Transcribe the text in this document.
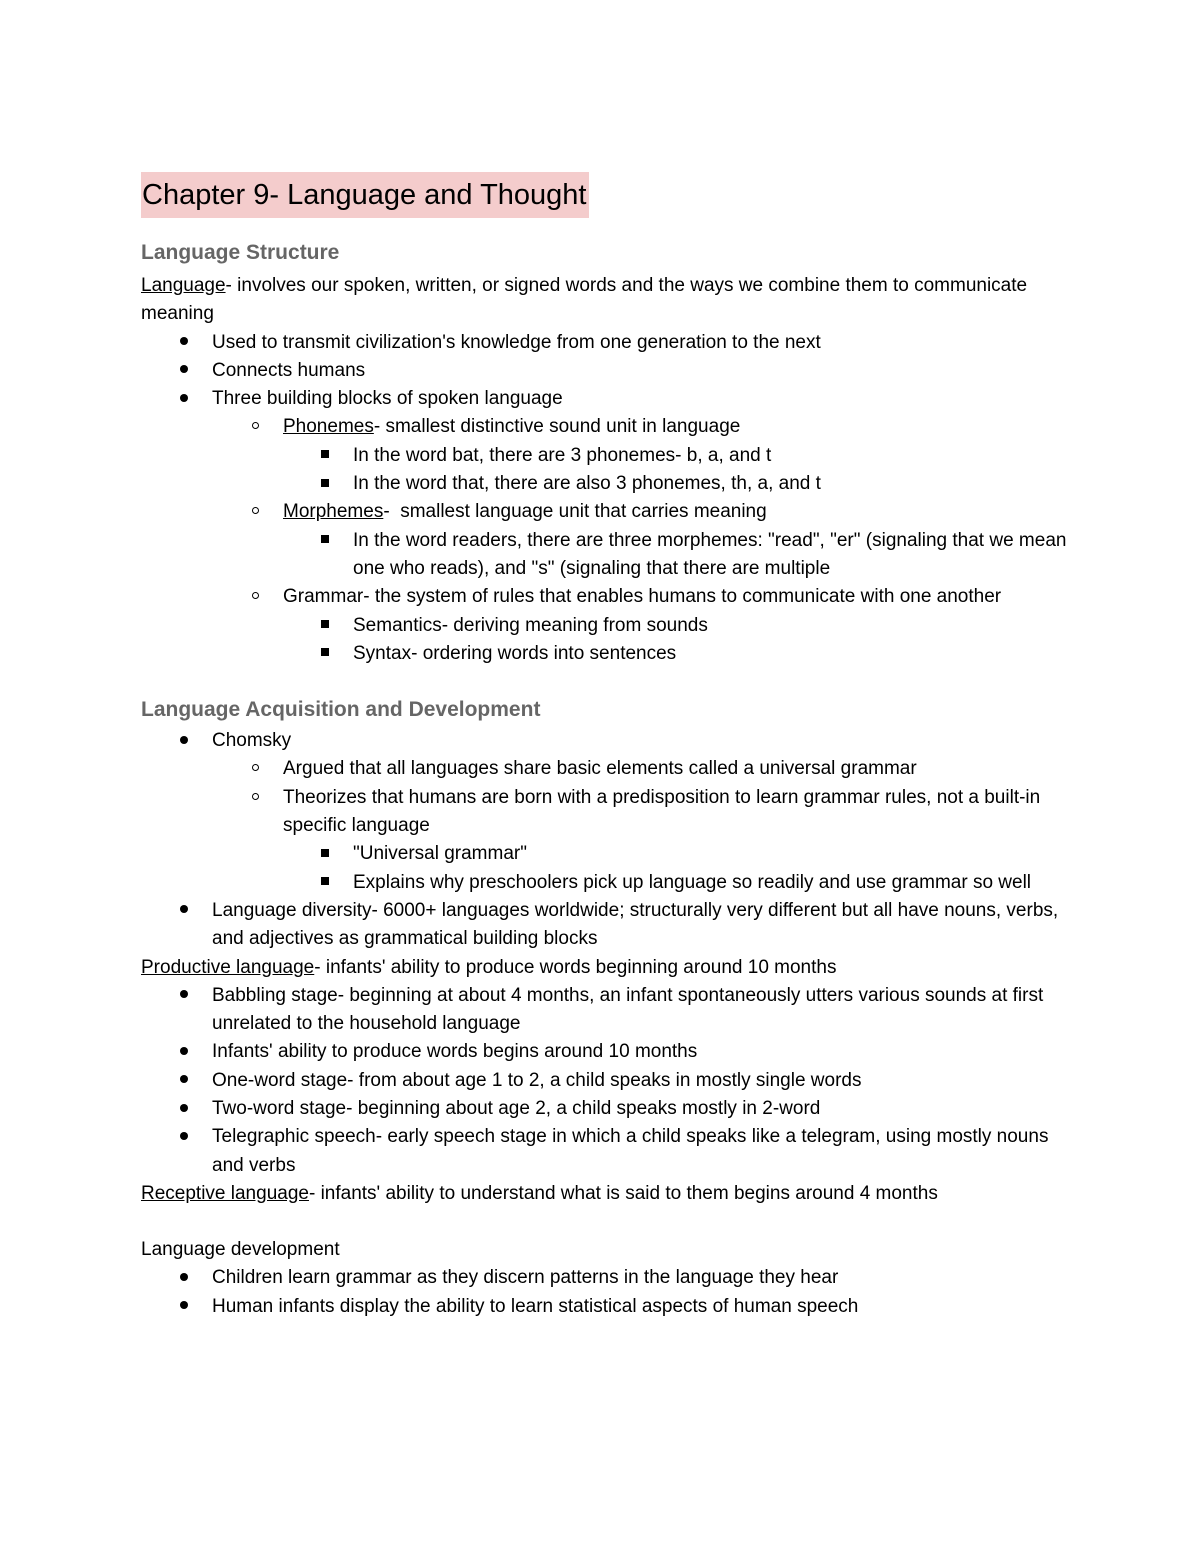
Chapter 9- Language and Thought
Language Structure

Language- involves our spoken, written, or signed words and the ways we combine them to communicate meaning

Used to transmit civilization's knowledge from one generation to the next
Connects humans
Three building blocks of spoken language
Phonemes- smallest distinctive sound unit in language
In the word bat, there are 3 phonemes- b, a, and t
In the word that, there are also 3 phonemes, th, a, and t
Morphemes-  smallest language unit that carries meaning
In the word readers, there are three morphemes: "read", "er" (signaling that we mean one who reads), and "s" (signaling that there are multiple
Grammar- the system of rules that enables humans to communicate with one another
Semantics- deriving meaning from sounds
Syntax- ordering words into sentences
Language Acquisition and Development
Chomsky
Argued that all languages share basic elements called a universal grammar
Theorizes that humans are born with a predisposition to learn grammar rules, not a built-in specific language
"Universal grammar"
Explains why preschoolers pick up language so readily and use grammar so well
Language diversity- 6000+ languages worldwide; structurally very different but all have nouns, verbs, and adjectives as grammatical building blocks

Productive language- infants' ability to produce words beginning around 10 months

Babbling stage- beginning at about 4 months, an infant spontaneously utters various sounds at first unrelated to the household language
Infants' ability to produce words begins around 10 months
One-word stage- from about age 1 to 2, a child speaks in mostly single words
Two-word stage- beginning about age 2, a child speaks mostly in 2-word
Telegraphic speech- early speech stage in which a child speaks like a telegram, using mostly nouns and verbs

Receptive language- infants' ability to understand what is said to them begins around 4 months

Language development
Children learn grammar as they discern patterns in the language they hear
Human infants display the ability to learn statistical aspects of human speech
